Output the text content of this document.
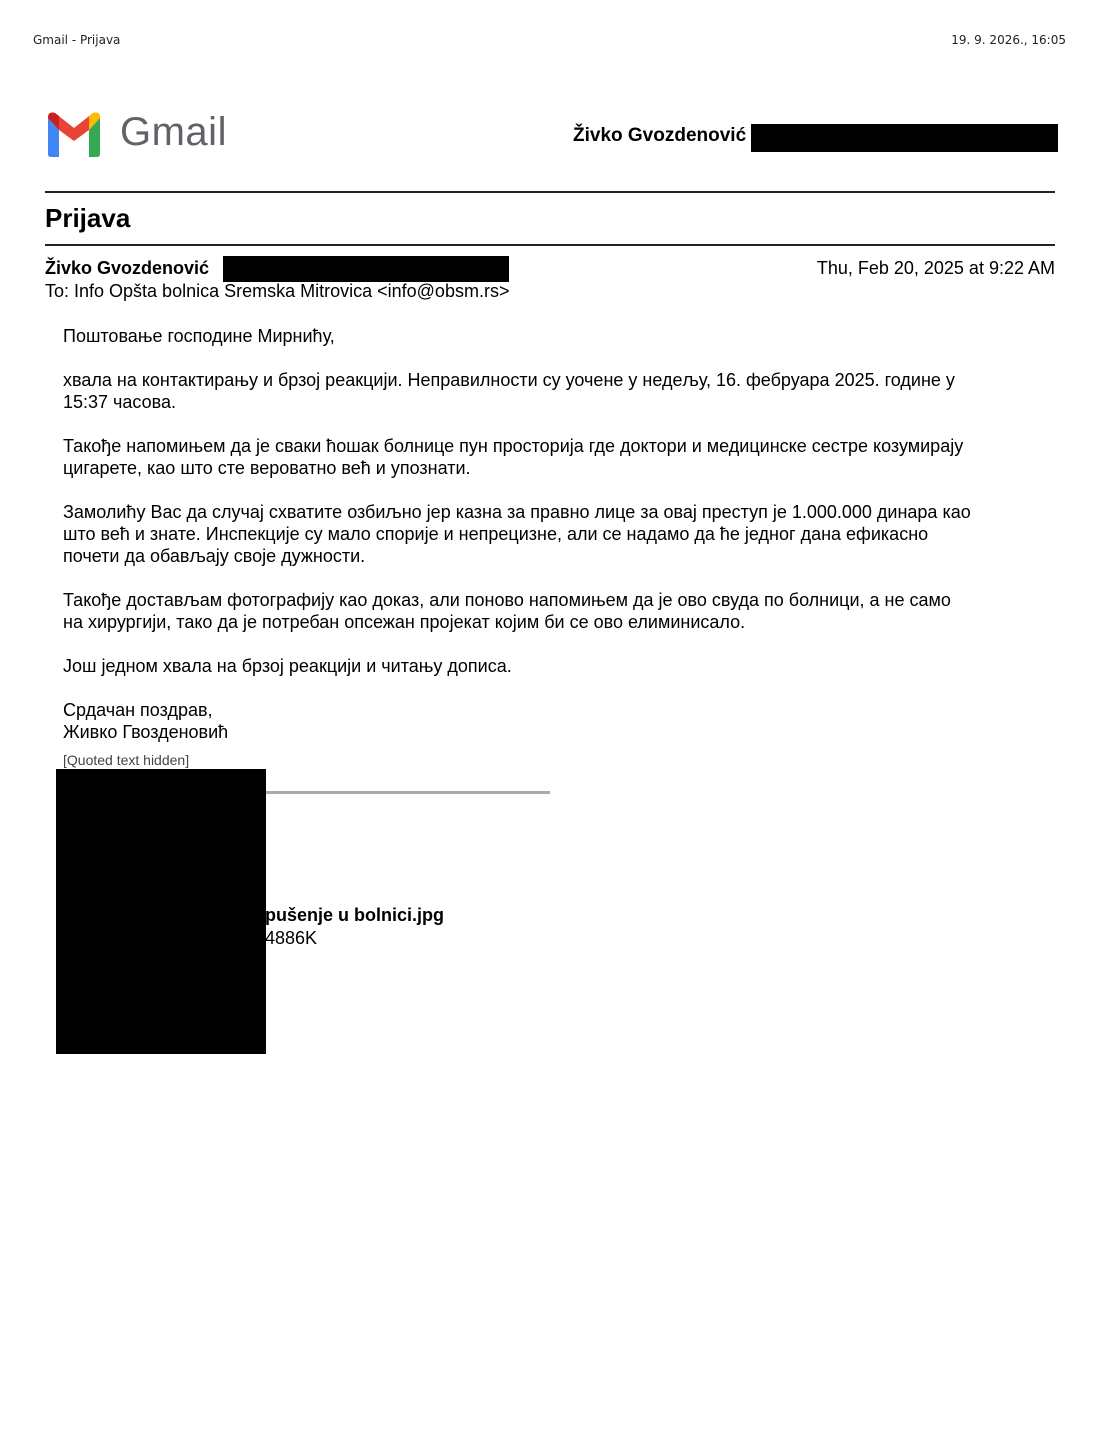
Gmail - Prijava	19. 9. 2026., 16:05
Gmail	Živko Gvozdenović
Prijava
Živko Gvozdenović	Thu, Feb 20, 2025 at 9:22 AM
To: Info Opšta bolnica Sremska Mitrovica <info@obsm.rs>

Поштовање господине Мирнићу,

хвала на контактирању и брзој реакцији. Неправилности су уочене у недељу, 16. фебруара 2025. године у
15:37 часова.

Такође напомињем да је сваки ћошак болнице пун просторија где доктори и медицинске сестре козумирају
цигарете, као што сте вероватно већ и упознати.

Замолићу Вас да случај схватите озбиљно јер казна за правно лице за овај преступ је 1.000.000 динара као
што већ и знате. Инспекције су мало спорије и непрецизне, али се надамо да ће једног дана ефикасно
почети да обављају своје дужности.

Такође достављам фотографију као доказ, али поново напомињем да је ово свуда по болници, а не само
на хирургији, тако да је потребан опсежан пројекат којим би се ово елиминисало.

Још једном хвала на брзој реакцији и читању дописа.

Срдачан поздрав,

Живко Гвозденовић

[Quoted text hidden]
pušenje u bolnici.jpg
4886K
